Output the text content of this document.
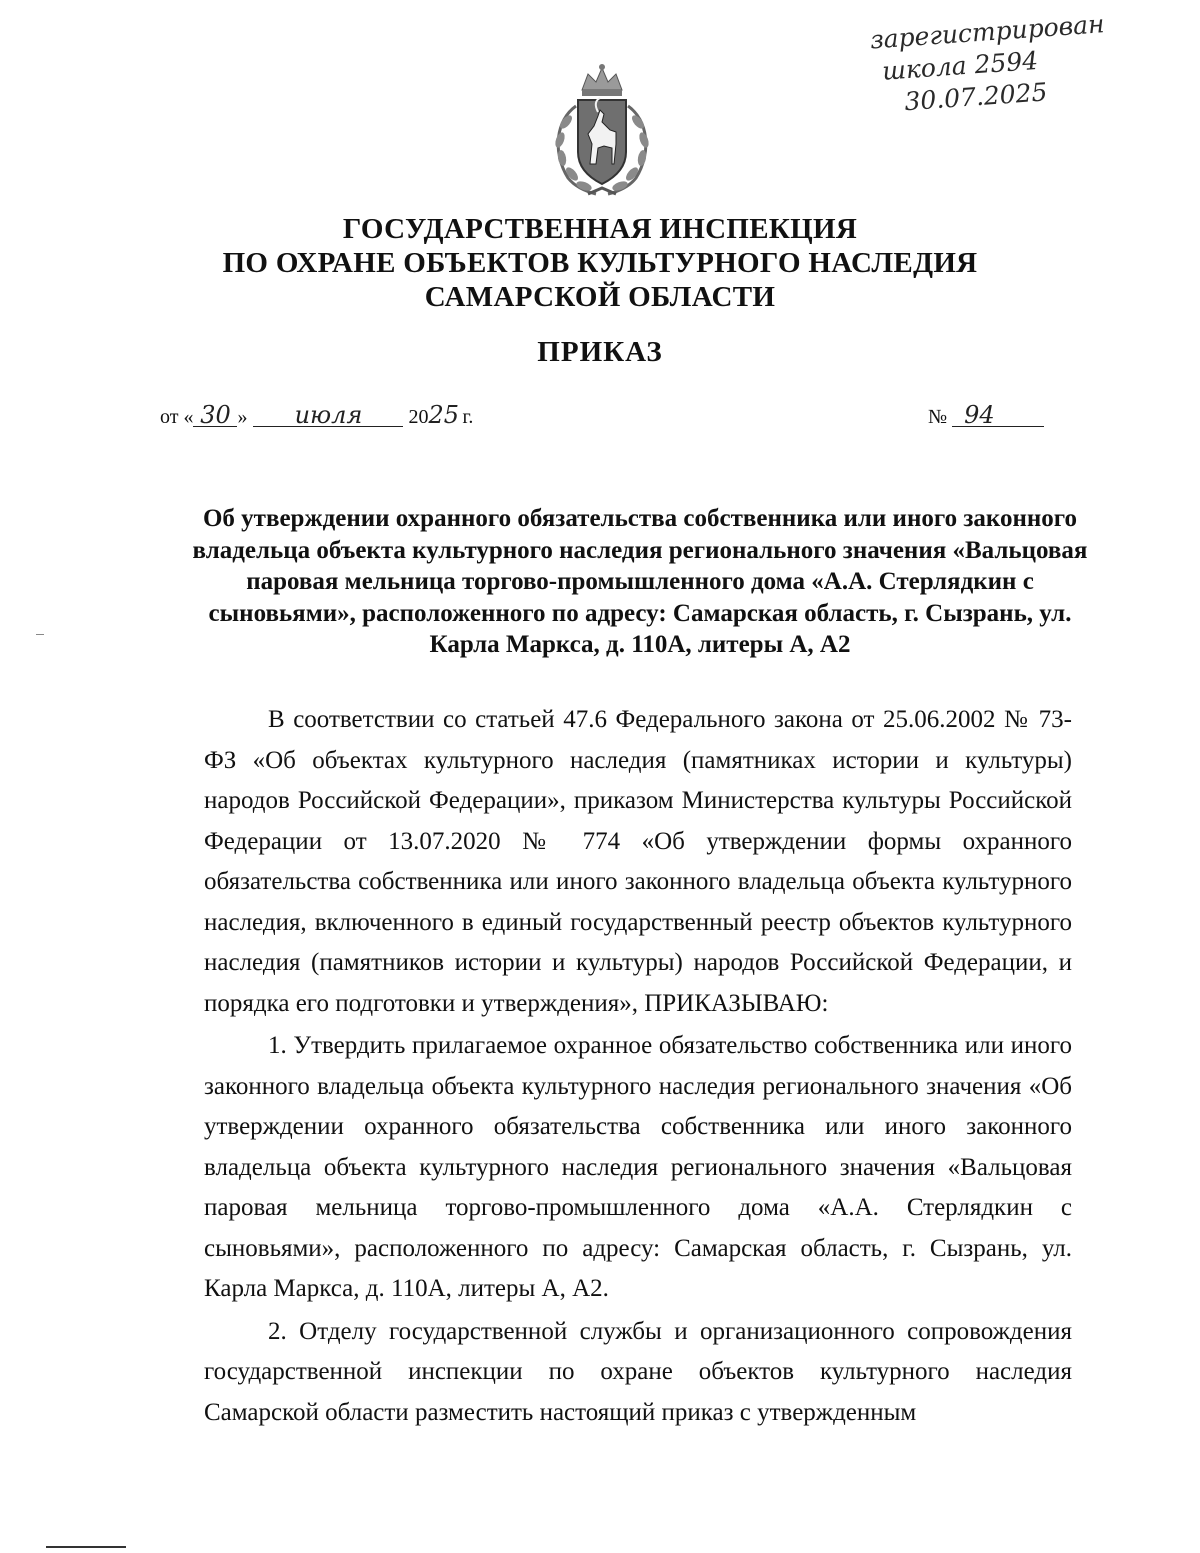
зарегистрирован
школа 2594
30.07.2025
ГОСУДАРСТВЕННАЯ ИНСПЕКЦИЯ
ПО ОХРАНЕ ОБЪЕКТОВ КУЛЬТУРНОГО НАСЛЕДИЯ
САМАРСКОЙ ОБЛАСТИ
ПРИКАЗ
от « 30 » июля 2025 г.	№ 94
Об утверждении охранного обязательства собственника или иного законного владельца объекта культурного наследия регионального значения «Вальцовая паровая мельница торгово-промышленного дома «А.А. Стерлядкин с сыновьями», расположенного по адресу: Самарская область, г. Сызрань, ул. Карла Маркса, д. 110А, литеры А, А2

В соответствии со статьей 47.6 Федерального закона от 25.06.2002 № 73-ФЗ «Об объектах культурного наследия (памятниках истории и культуры) народов Российской Федерации», приказом Министерства культуры Российской Федерации от 13.07.2020 № 774 «Об утверждении формы охранного обязательства собственника или иного законного владельца объекта культурного наследия, включенного в единый государственный реестр объектов культурного наследия (памятников истории и культуры) народов Российской Федерации, и порядка его подготовки и утверждения», ПРИКАЗЫВАЮ:

1. Утвердить прилагаемое охранное обязательство собственника или иного законного владельца объекта культурного наследия регионального значения «Об утверждении охранного обязательства собственника или иного законного владельца объекта культурного наследия регионального значения «Вальцовая паровая мельница торгово-промышленного дома «А.А. Стерлядкин с сыновьями», расположенного по адресу: Самарская область, г. Сызрань, ул. Карла Маркса, д. 110А, литеры А, А2.

2. Отделу государственной службы и организационного сопровождения государственной инспекции по охране объектов культурного наследия Самарской области разместить настоящий приказ с утвержденным
